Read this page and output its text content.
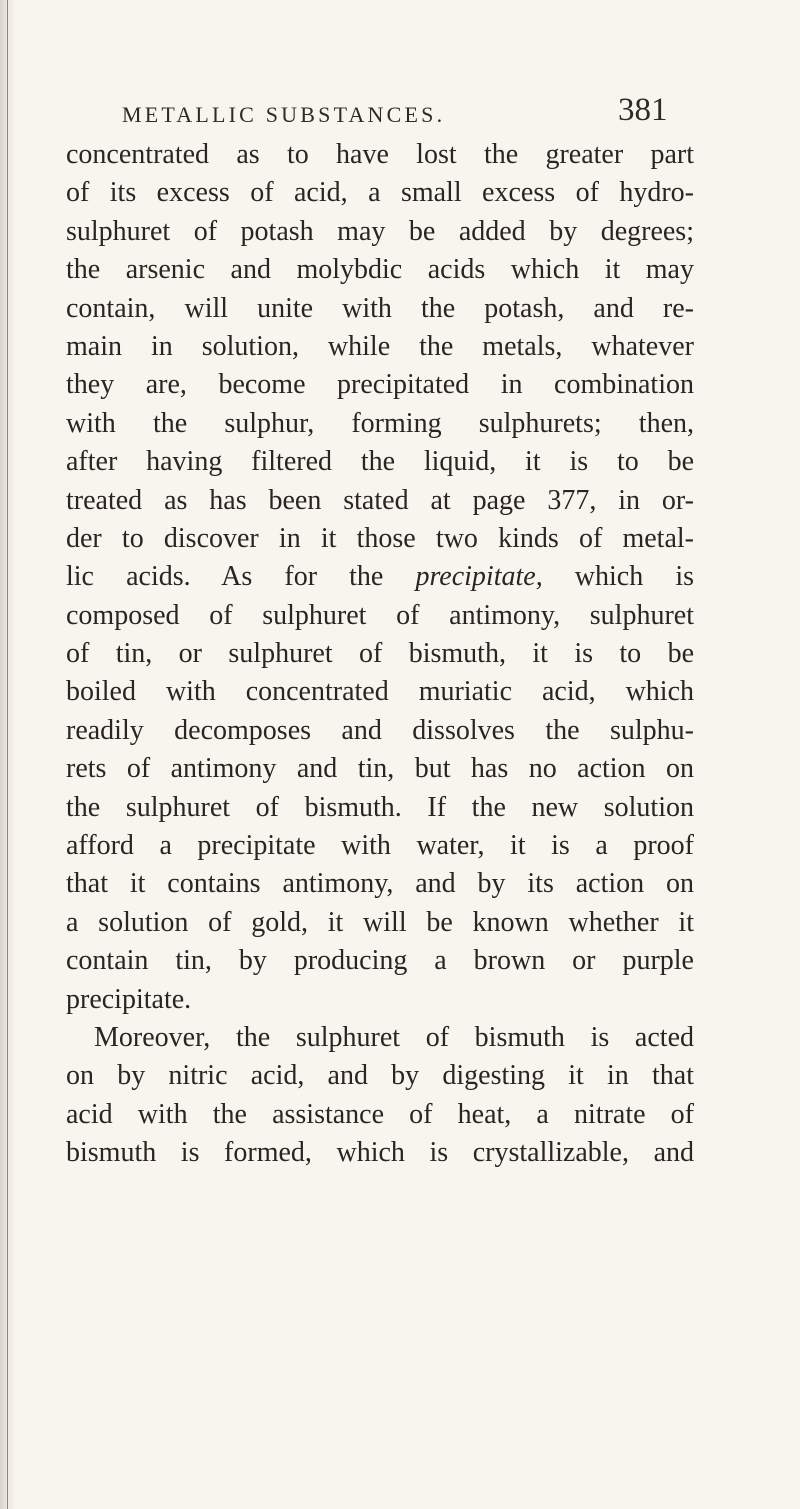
METALLIC SUBSTANCES.	381
concentrated as to have lost the greater part
of its excess of acid, a small excess of hydro-
sulphuret of potash may be added by degrees;
the arsenic and molybdic acids which it may
contain, will unite with the potash, and re-
main in solution, while the metals, whatever
they are, become precipitated in combination
with the sulphur, forming sulphurets; then,
after having filtered the liquid, it is to be
treated as has been stated at page 377, in or-
der to discover in it those two kinds of metal-
lic acids. As for the precipitate, which is
composed of sulphuret of antimony, sulphuret
of tin, or sulphuret of bismuth, it is to be
boiled with concentrated muriatic acid, which
readily decomposes and dissolves the sulphu-
rets of antimony and tin, but has no action on
the sulphuret of bismuth. If the new solution
afford a precipitate with water, it is a proof
that it contains antimony, and by its action on
a solution of gold, it will be known whether it
contain tin, by producing a brown or purple
precipitate.
Moreover, the sulphuret of bismuth is acted
on by nitric acid, and by digesting it in that
acid with the assistance of heat, a nitrate of
bismuth is formed, which is crystallizable, and
